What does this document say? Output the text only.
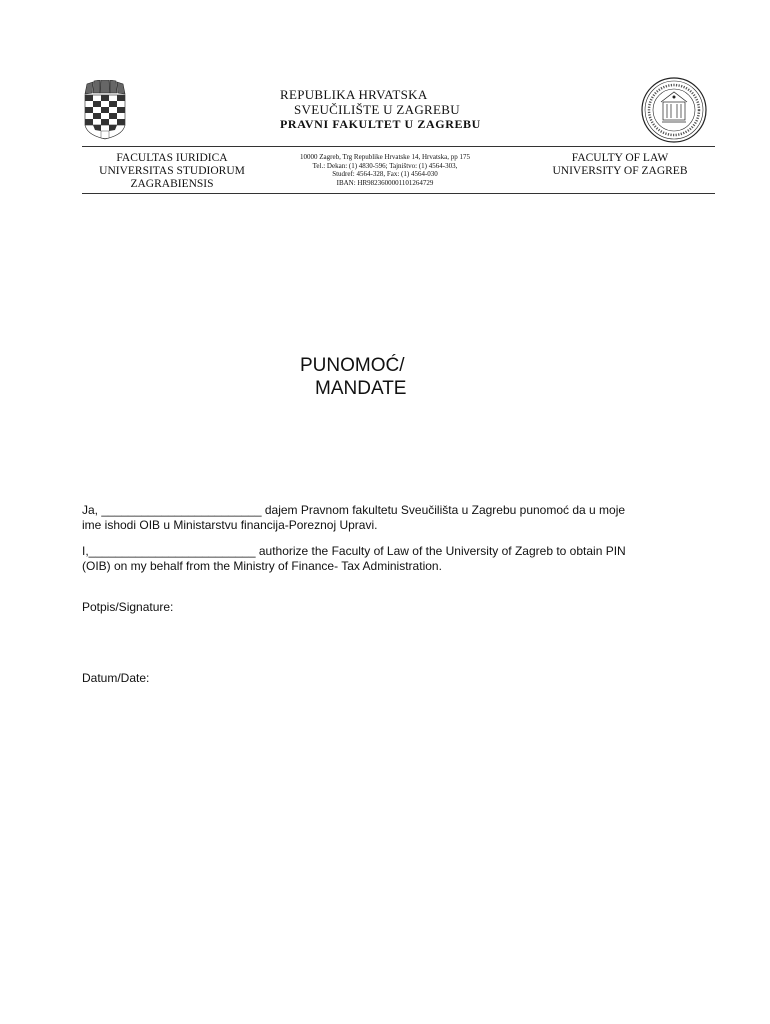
REPUBLIKA HRVATSKA
SVEUČILIŠTE U ZAGREBU
PRAVNI FAKULTET U ZAGREBU
FACULTAS IURIDICA
UNIVERSITAS STUDIORUM
ZAGRABIENSIS
10000 Zagreb, Trg Republike Hrvatske 14, Hrvatska, pp 175
Tel.: Dekan: (1) 4830-596; Tajništvo: (1) 4564-303,
Studref: 4564-328, Fax: (1) 4564-030
IBAN: HR9823600001101264729
FACULTY OF LAW
UNIVERSITY OF ZAGREB
PUNOMOĆ/
MANDATE
Ja, ________________________ dajem Pravnom fakultetu Sveučilišta u Zagrebu punomoć da u moje
ime ishodi OIB u Ministarstvu financija-Poreznoj Upravi.
I,_________________________ authorize the Faculty of Law of the University of Zagreb to obtain PIN
(OIB) on my behalf from the Ministry of Finance- Tax Administration.
Potpis/Signature:
Datum/Date:
